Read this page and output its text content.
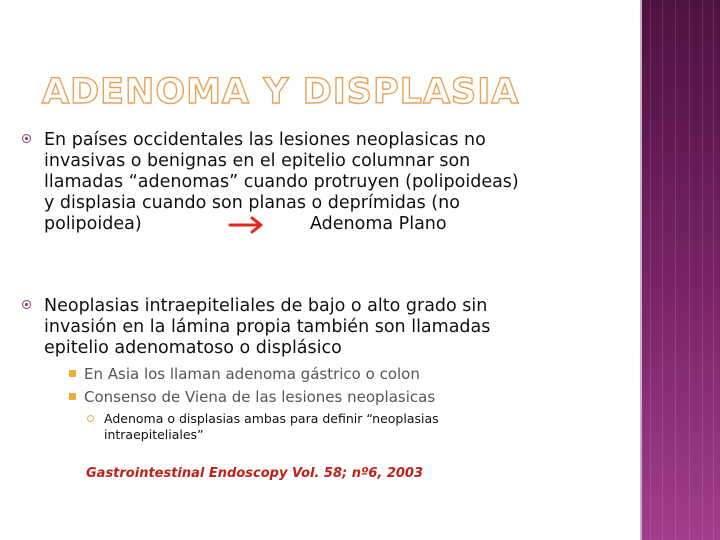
ADENOMA Y DISPLASIA
En países occidentales las lesiones neoplasicas no
invasivas o benignas en el epitelio columnar son
llamadas “adenomas” cuando protruyen (polipoideas)
y displasia cuando son planas o deprímidas (no
polipoidea)	Adenoma Plano
Neoplasias intraepiteliales de bajo o alto grado sin
invasión en la lámina propia también son llamadas
epitelio adenomatoso o displásico
En Asia los llaman adenoma gástrico o colon
Consenso de Viena de las lesiones neoplasicas
Adenoma o displasias ambas para definir “neoplasias
intraepiteliales”
Gastrointestinal Endoscopy Vol. 58; nº6, 2003
